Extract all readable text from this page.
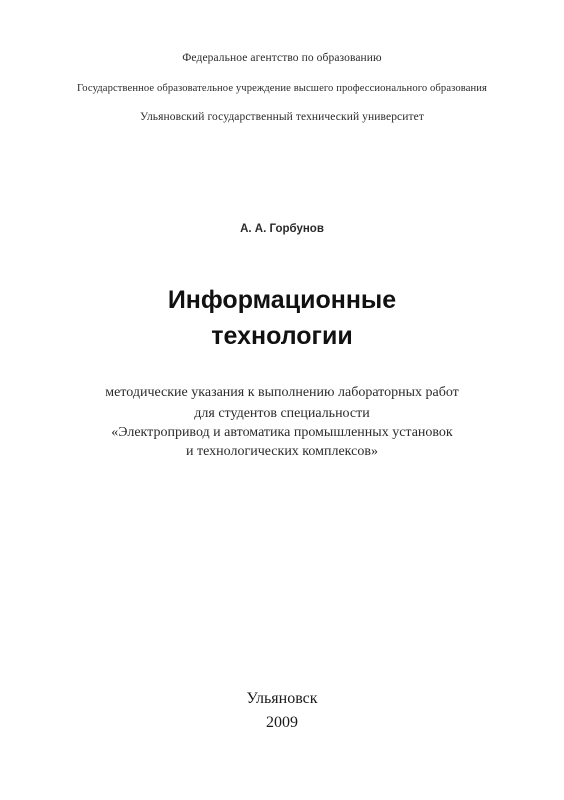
Федеральное агентство по образованию
Государственное образовательное учреждение высшего профессионального образования
Ульяновский государственный технический университет
А. А. Горбунов
Информационные
технологии
методические указания к выполнению лабораторных работ
для студентов специальности
«Электропривод и автоматика промышленных установок
и технологических комплексов»
Ульяновск
2009
